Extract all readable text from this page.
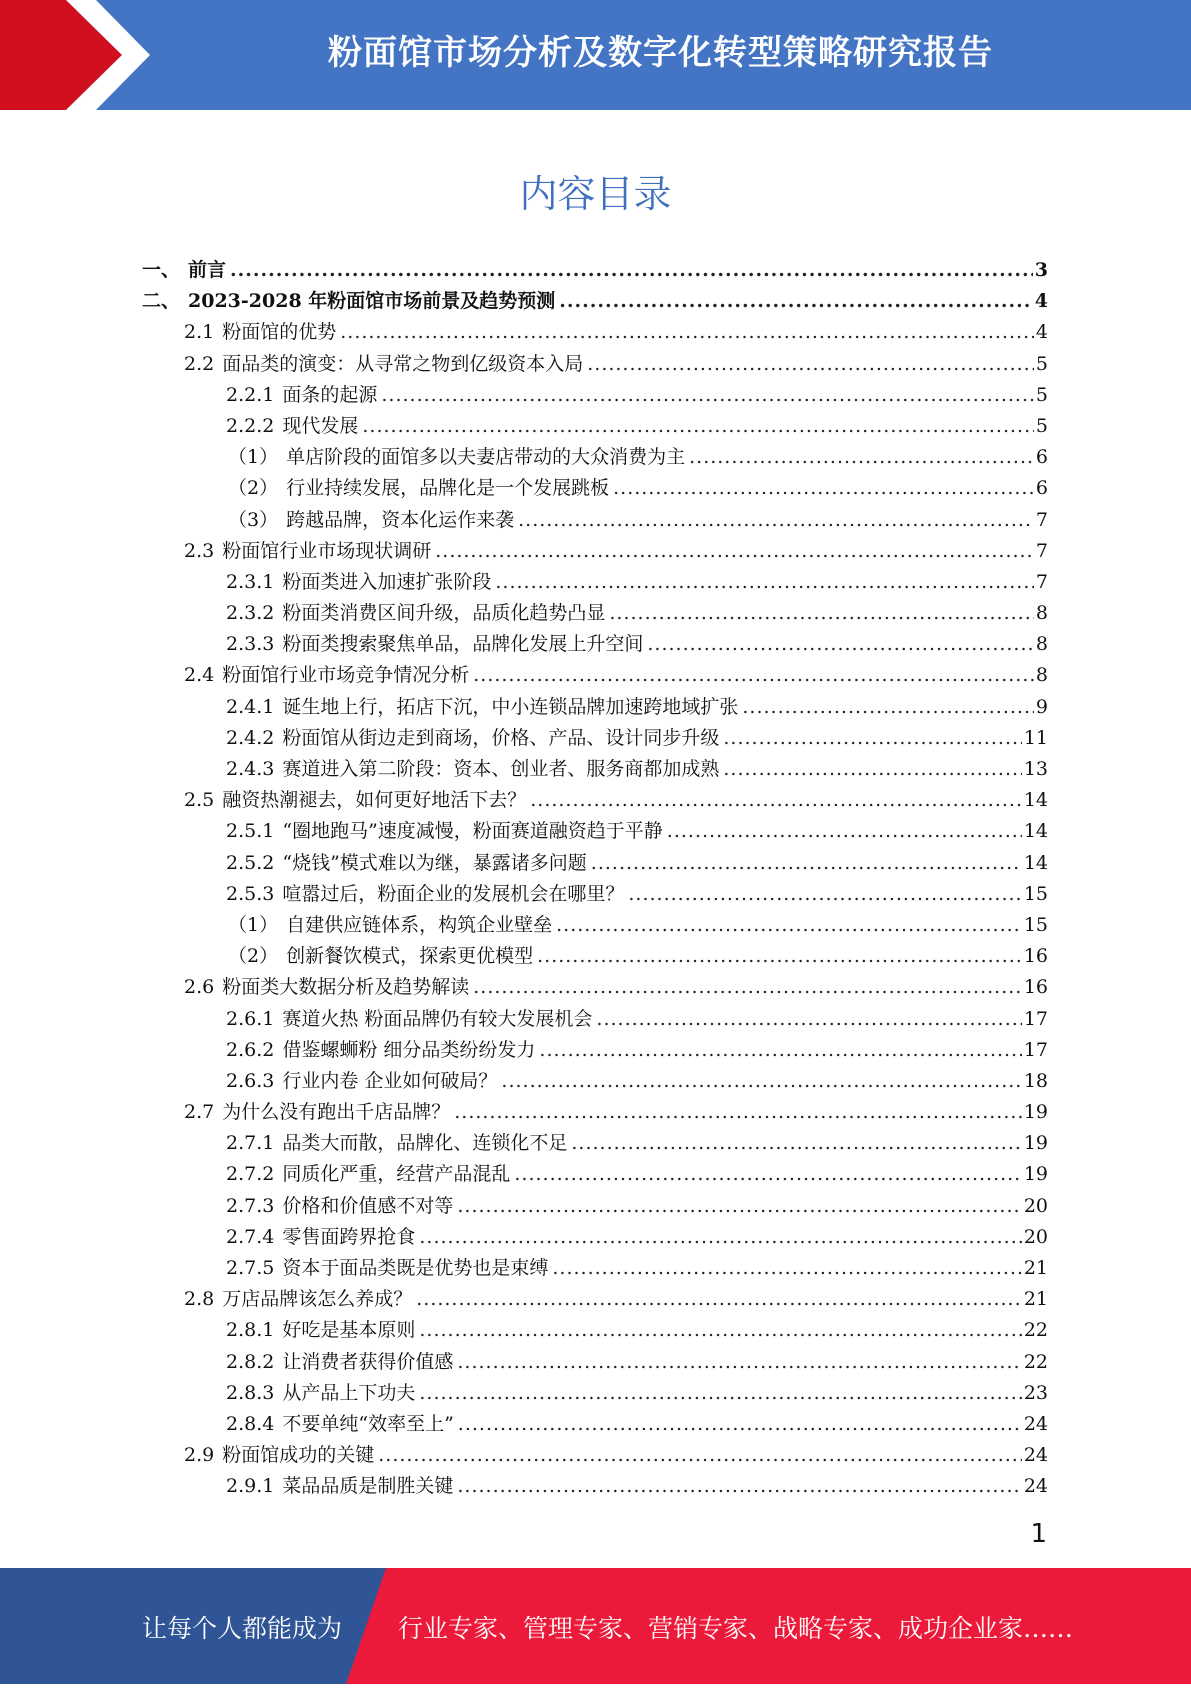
粉面馆市场分析及数字化转型策略研究报告
内容目录
一、 前言 .....	3
二、 2023-2028 年粉面馆市场前景及趋势预测 .....	4
2.1 粉面馆的优势 .....	4
2.2 面品类的演变：从寻常之物到亿级资本入局 .....	5
2.2.1 面条的起源 .....	5
2.2.2 现代发展 .....	5
（1） 单店阶段的面馆多以夫妻店带动的大众消费为主 .....	6
（2） 行业持续发展，品牌化是一个发展跳板 .....	6
（3） 跨越品牌，资本化运作来袭 .....	7
2.3 粉面馆行业市场现状调研 .....	7
2.3.1 粉面类进入加速扩张阶段 .....	7
2.3.2 粉面类消费区间升级，品质化趋势凸显 .....	8
2.3.3 粉面类搜索聚焦单品，品牌化发展上升空间 .....	8
2.4 粉面馆行业市场竞争情况分析 .....	8
2.4.1 诞生地上行，拓店下沉，中小连锁品牌加速跨地域扩张 .....	9
2.4.2 粉面馆从街边走到商场，价格、产品、设计同步升级 .....	11
2.4.3 赛道进入第二阶段：资本、创业者、服务商都加成熟 .....	13
2.5 融资热潮褪去，如何更好地活下去？ .....	14
2.5.1 “圈地跑马”速度减慢，粉面赛道融资趋于平静 .....	14
2.5.2 “烧钱”模式难以为继，暴露诸多问题 .....	14
2.5.3 喧嚣过后，粉面企业的发展机会在哪里？ .....	15
（1） 自建供应链体系，构筑企业壁垒 .....	15
（2） 创新餐饮模式，探索更优模型 .....	16
2.6 粉面类大数据分析及趋势解读 .....	16
2.6.1 赛道火热 粉面品牌仍有较大发展机会 .....	17
2.6.2 借鉴螺蛳粉 细分品类纷纷发力 .....	17
2.6.3 行业内卷 企业如何破局？ .....	18
2.7 为什么没有跑出千店品牌？ .....	19
2.7.1 品类大而散，品牌化、连锁化不足 .....	19
2.7.2 同质化严重，经营产品混乱 .....	19
2.7.3 价格和价值感不对等 .....	20
2.7.4 零售面跨界抢食 .....	20
2.7.5 资本于面品类既是优势也是束缚 .....	21
2.8 万店品牌该怎么养成？ .....	21
2.8.1 好吃是基本原则 .....	22
2.8.2 让消费者获得价值感 .....	22
2.8.3 从产品上下功夫 .....	23
2.8.4 不要单纯“效率至上” .....	24
2.9 粉面馆成功的关键 .....	24
2.9.1 菜品品质是制胜关键 .....	24
1
让每个人都能成为 行业专家、管理专家、营销专家、战略专家、成功企业家……
